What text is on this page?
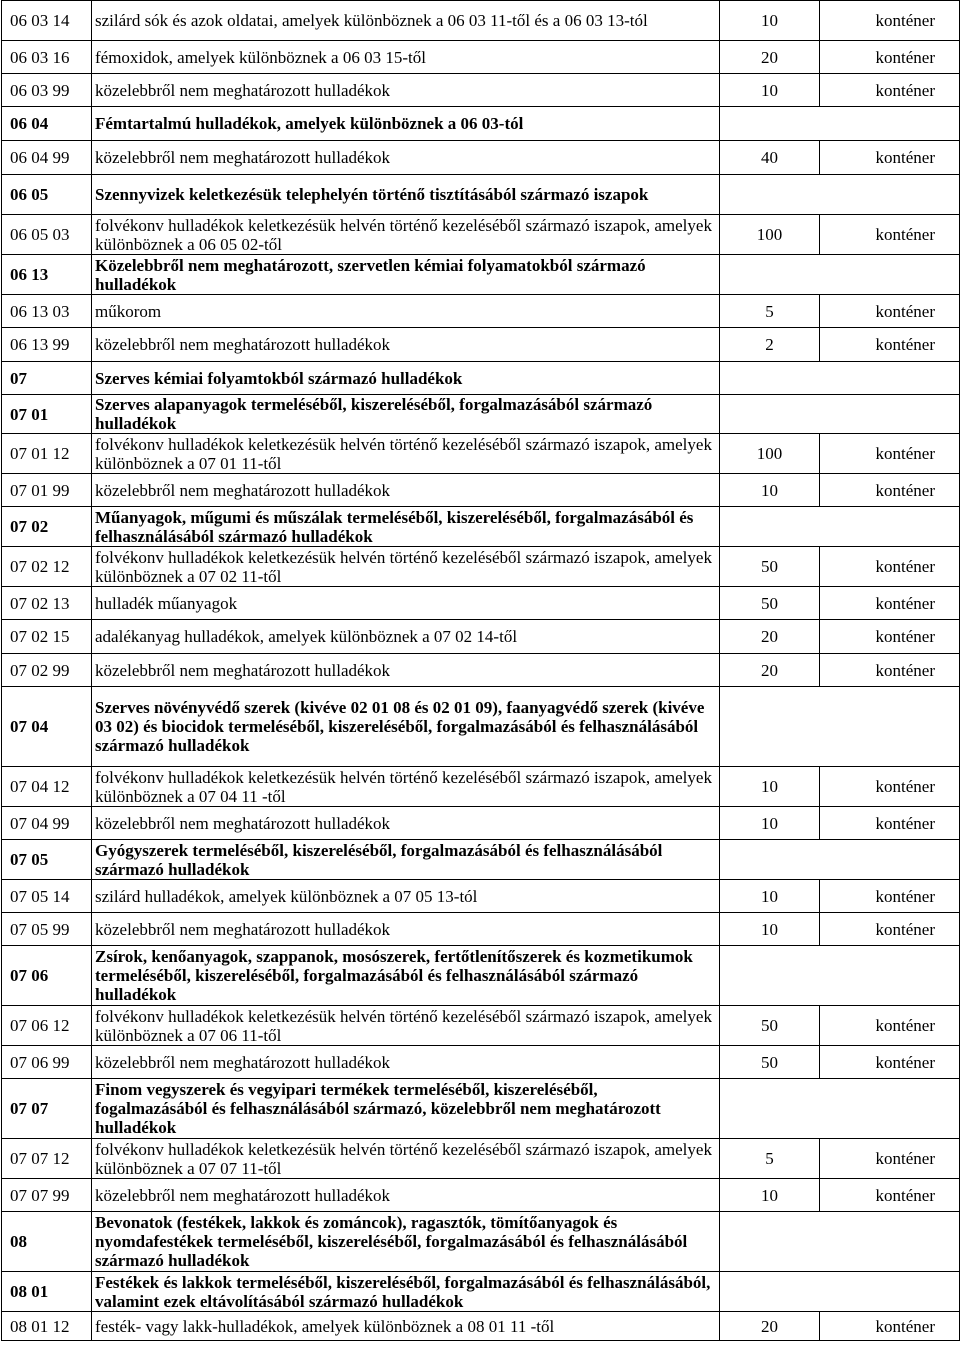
06 03 14	szilárd sók és azok oldatai, amelyek különböznek a 06 03 11-től és a 06 03 13-tól	10	konténer
06 03 16	fémoxidok, amelyek különböznek a 06 03 15-től	20	konténer
06 03 99	közelebbről nem meghatározott hulladékok	10	konténer
06 04	Fémtartalmú hulladékok, amelyek különböznek a 06 03-tól		
06 04 99	közelebbről nem meghatározott hulladékok	40	konténer
06 05	Szennyvizek keletkezésük telephelyén történő tisztításából származó iszapok		
06 05 03	folvékonv hulladékok keletkezésük helvén történő kezeléséből származó iszapok, amelyek különböznek a 06 05 02-től	100	konténer
06 13	Közelebbről nem meghatározott, szervetlen kémiai folyamatokból származó hulladékok		
06 13 03	műkorom	5	konténer
06 13 99	közelebbről nem meghatározott hulladékok	2	konténer
07	Szerves kémiai folyamtokból származó hulladékok		
07 01	Szerves alapanyagok termeléséből, kiszereléséből, forgalmazásából származó hulladékok		
07 01 12	folvékonv hulladékok keletkezésük helvén történő kezeléséből származó iszapok, amelyek különböznek a 07 01 11-től	100	konténer
07 01 99	közelebbről nem meghatározott hulladékok	10	konténer
07 02	Műanyagok, műgumi és műszálak termeléséből, kiszereléséből, forgalmazásából és felhasználásából származó hulladékok		
07 02 12	folvékonv hulladékok keletkezésük helvén történő kezeléséből származó iszapok, amelyek különböznek a 07 02 11-től	50	konténer
07 02 13	hulladék műanyagok	50	konténer
07 02 15	adalékanyag hulladékok, amelyek különböznek a 07 02 14-től	20	konténer
07 02 99	közelebbről nem meghatározott hulladékok	20	konténer
07 04	Szerves növényvédő szerek (kivéve 02 01 08 és 02 01 09), faanyagvédő szerek (kivéve 03 02) és biocidok termeléséből, kiszereléséből, forgalmazásából és felhasználásából származó hulladékok		
07 04 12	folvékonv hulladékok keletkezésük helvén történő kezeléséből származó iszapok, amelyek különböznek a 07 04 11 -től	10	konténer
07 04 99	közelebbről nem meghatározott hulladékok	10	konténer
07 05	Gyógyszerek termeléséből, kiszereléséből, forgalmazásából és felhasználásából származó hulladékok		
07 05 14	szilárd hulladékok, amelyek különböznek a 07 05 13-tól	10	konténer
07 05 99	közelebbről nem meghatározott hulladékok	10	konténer
07 06	Zsírok, kenőanyagok, szappanok, mosószerek, fertőtlenítőszerek és kozmetikumok termeléséből, kiszereléséből, forgalmazásából és felhasználásából származó hulladékok		
07 06 12	folvékonv hulladékok keletkezésük helvén történő kezeléséből származó iszapok, amelyek különböznek a 07 06 11-től	50	konténer
07 06 99	közelebbről nem meghatározott hulladékok	50	konténer
07 07	Finom vegyszerek és vegyipari termékek termeléséből, kiszereléséből, fogalmazásából és felhasználásából származó, közelebbről nem meghatározott hulladékok		
07 07 12	folvékonv hulladékok keletkezésük helvén történő kezeléséből származó iszapok, amelyek különböznek a 07 07 11-től	5	konténer
07 07 99	közelebbről nem meghatározott hulladékok	10	konténer
08	Bevonatok (festékek, lakkok és zománcok), ragasztók, tömítőanyagok és nyomdafestékek termeléséből, kiszereléséből, forgalmazásából és felhasználásából származó hulladékok		
08 01	Festékek és lakkok termeléséből, kiszereléséből, forgalmazásából és felhasználásából, valamint ezek eltávolításából származó hulladékok		
08 01 12	festék- vagy lakk-hulladékok, amelyek különböznek a 08 01 11 -től	20	konténer
